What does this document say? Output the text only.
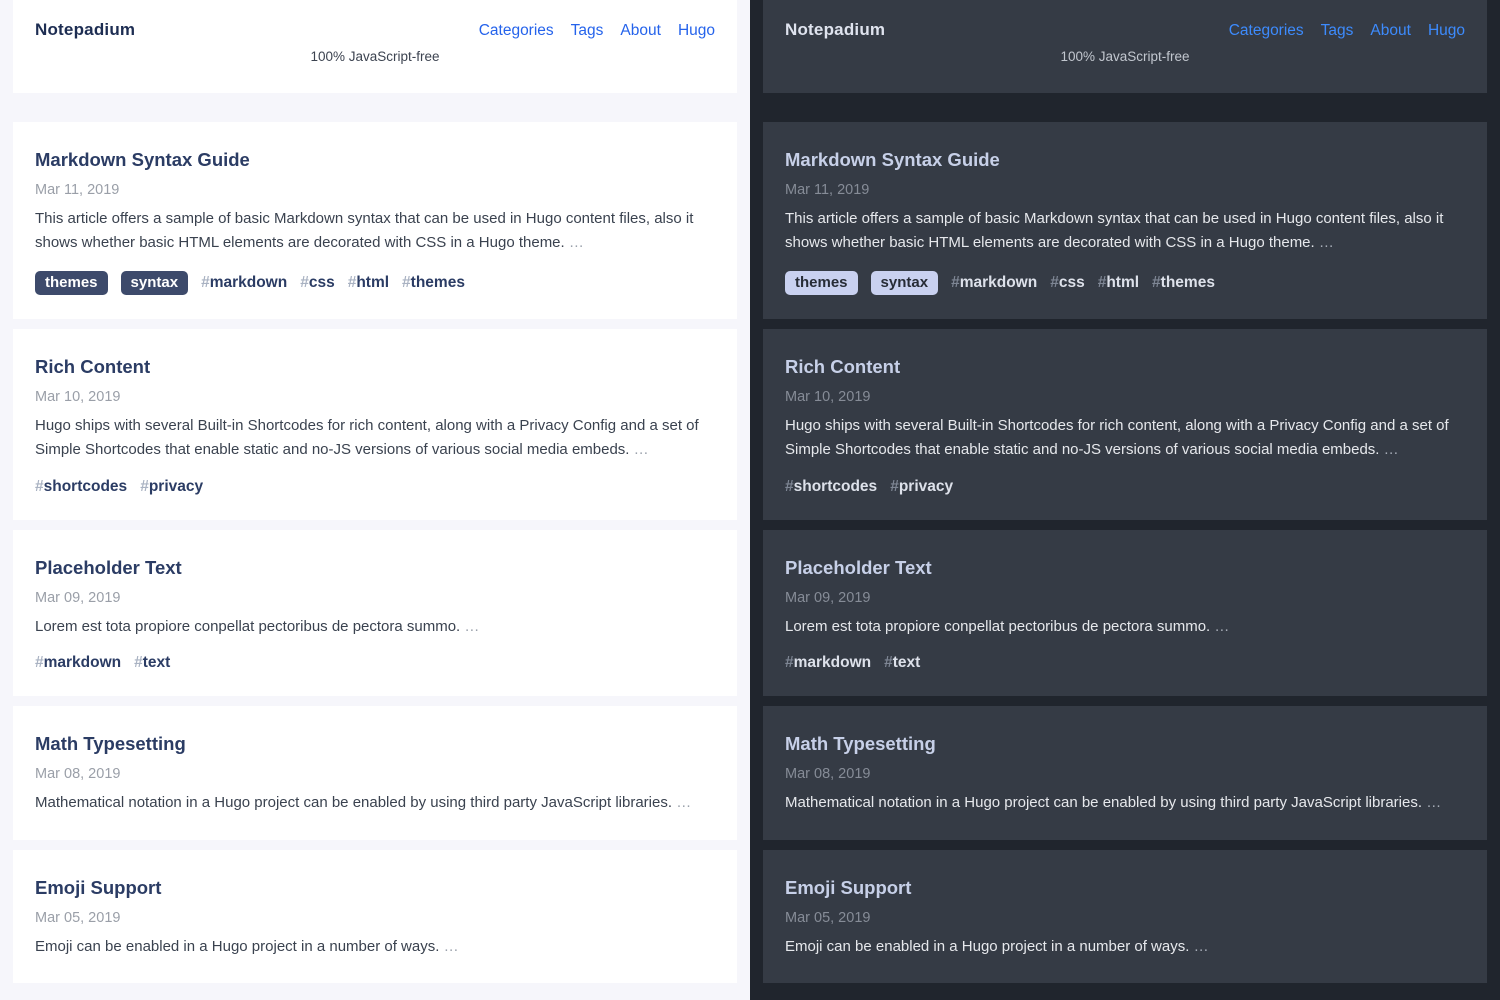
Notepadium	Categories Tags About Hugo
100% JavaScript-free
Markdown Syntax Guide
Mar 11, 2019

This article offers a sample of basic Markdown syntax that can be used in Hugo content files, also it shows whether basic HTML elements are decorated with CSS in a Hugo theme. …

themes	syntax	#markdown #css #html #themes
Rich Content
Mar 10, 2019

Hugo ships with several Built-in Shortcodes for rich content, along with a Privacy Config and a set of Simple Shortcodes that enable static and no-JS versions of various social media embeds. …

#shortcodes #privacy
Placeholder Text
Mar 09, 2019

Lorem est tota propiore conpellat pectoribus de pectora summo. …

#markdown #text
Math Typesetting
Mar 08, 2019

Mathematical notation in a Hugo project can be enabled by using third party JavaScript libraries. …

Emoji Support
Mar 05, 2019

Emoji can be enabled in a Hugo project in a number of ways. …

Notepadium	Categories Tags About Hugo
100% JavaScript-free
Markdown Syntax Guide
Mar 11, 2019

This article offers a sample of basic Markdown syntax that can be used in Hugo content files, also it shows whether basic HTML elements are decorated with CSS in a Hugo theme. …

themes	syntax	#markdown #css #html #themes
Rich Content
Mar 10, 2019

Hugo ships with several Built-in Shortcodes for rich content, along with a Privacy Config and a set of Simple Shortcodes that enable static and no-JS versions of various social media embeds. …

#shortcodes #privacy
Placeholder Text
Mar 09, 2019

Lorem est tota propiore conpellat pectoribus de pectora summo. …

#markdown #text
Math Typesetting
Mar 08, 2019

Mathematical notation in a Hugo project can be enabled by using third party JavaScript libraries. …

Emoji Support
Mar 05, 2019

Emoji can be enabled in a Hugo project in a number of ways. …
